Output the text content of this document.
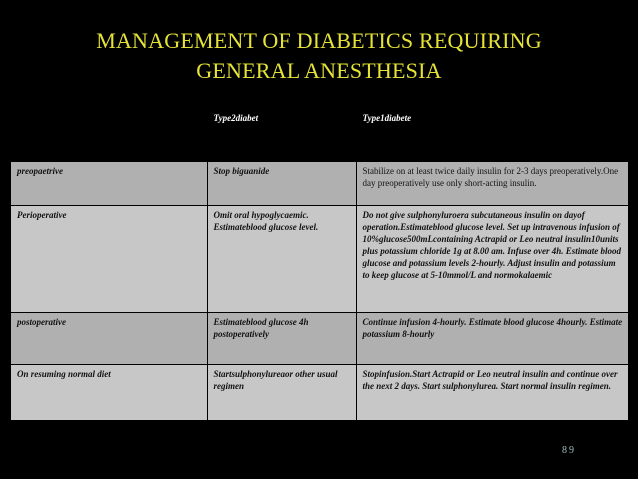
MANAGEMENT OF DIABETICS REQUIRING
GENERAL ANESTHESIA
	Type2diabet	Type1diabete
preopaetrive	Stop biguanide	Stabilize on at least twice daily insulin for 2-3 days preoperatively.One day preoperatively use only short-acting insulin.
Perioperative	Omit oral hypoglycaemic. Estimateblood glucose level.	Do not give sulphonyluroera subcutaneous insulin on dayof operation.Estimateblood glucose level. Set up intravenous infusion of 10%glucose500mLcontaining Actrapid or Leo neutral insulin10units plus potassium chloride 1g at 8.00 am. Infuse over 4h. Estimate blood glucose and potassium levels 2-hourly. Adjust insulin and potassium to keep glucose at 5-10mmol/L and normokalaemic
postoperative	Estimateblood glucose 4h postoperatively	Continue infusion 4-hourly. Estimate blood glucose 4hourly. Estimate potassium 8-hourly
On resuming normal diet	Startsulphonylureaor other usual regimen	Stopinfusion.Start Actrapid or Leo neutral insulin and continue over the next 2 days. Start sulphonylurea. Start normal insulin regimen.
89
